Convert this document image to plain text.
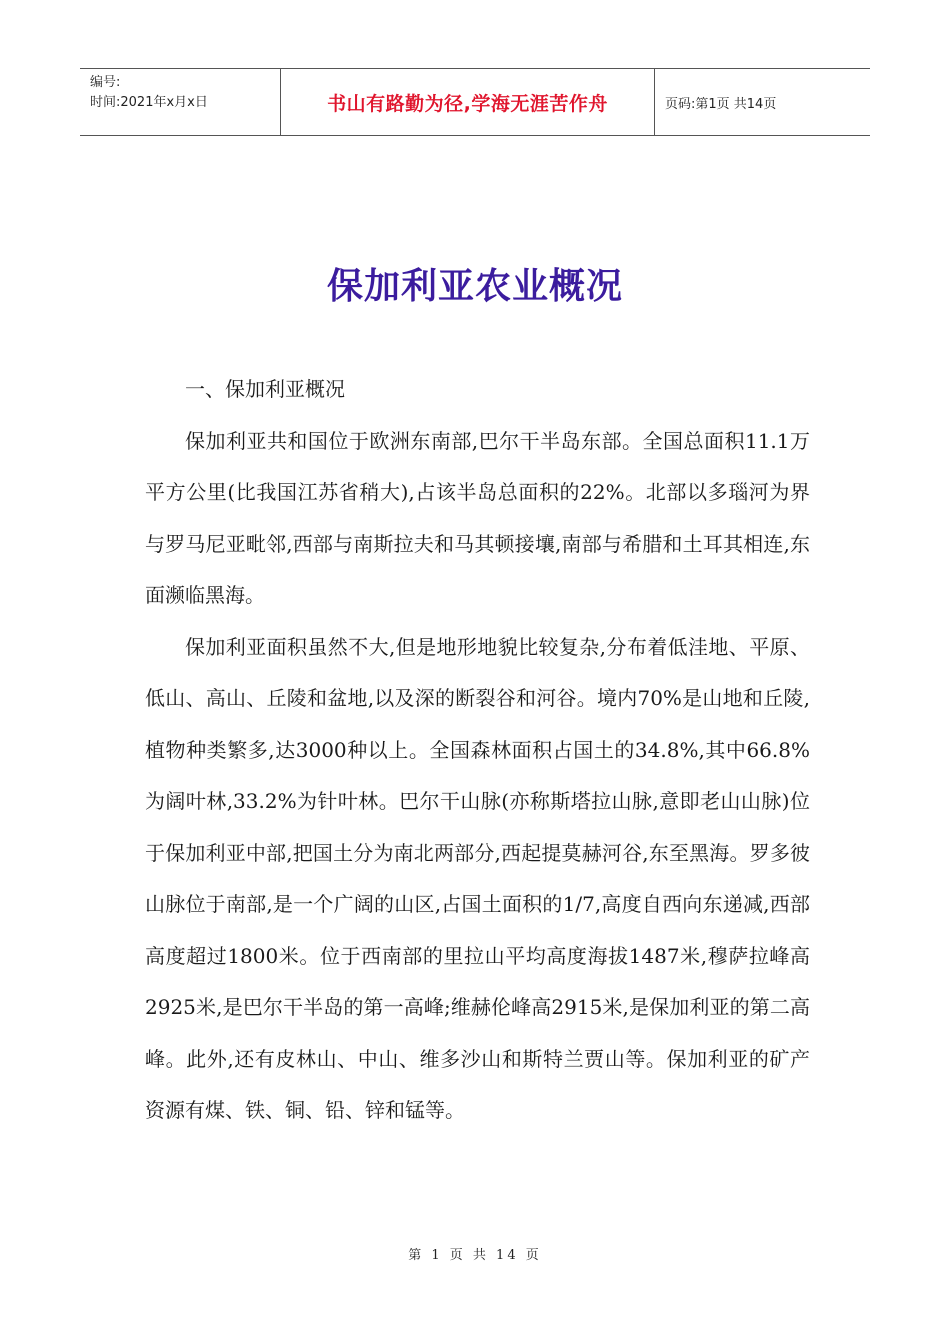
编号:
时间:2021年x月x日	书山有路勤为径,学海无涯苦作舟	页码:第1页 共14页
保加利亚农业概况

一、保加利亚概况

保加利亚共和国位于欧洲东南部,巴尔干半岛东部。全国总面积11.1万平方公里(比我国江苏省稍大),占该半岛总面积的22%。北部以多瑙河为界与罗马尼亚毗邻,西部与南斯拉夫和马其顿接壤,南部与希腊和土耳其相连,东面濒临黑海。

保加利亚面积虽然不大,但是地形地貌比较复杂,分布着低洼地、平原、低山、高山、丘陵和盆地,以及深的断裂谷和河谷。境内70%是山地和丘陵,植物种类繁多,达3000种以上。全国森林面积占国土的34.8%,其中66.8%为阔叶林,33.2%为针叶林。巴尔干山脉(亦称斯塔拉山脉,意即老山山脉)位于保加利亚中部,把国土分为南北两部分,西起提莫赫河谷,东至黑海。罗多彼山脉位于南部,是一个广阔的山区,占国土面积的1/7,高度自西向东递减,西部高度超过1800米。位于西南部的里拉山平均高度海拔1487米,穆萨拉峰高2925米,是巴尔干半岛的第一高峰;维赫伦峰高2915米,是保加利亚的第二高峰。此外,还有皮林山、中山、维多沙山和斯特兰贾山等。保加利亚的矿产资源有煤、铁、铜、铅、锌和锰等。

第 1 页 共 14 页
